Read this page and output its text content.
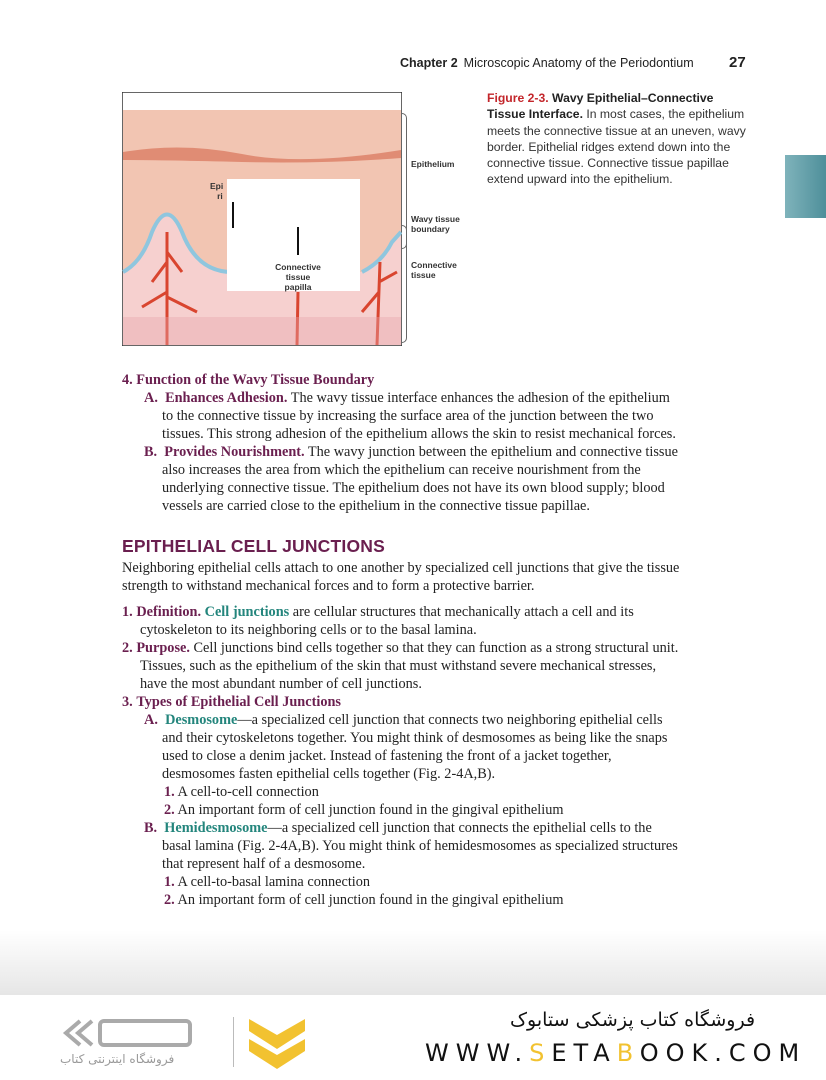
Chapter 2 Microscopic Anatomy of the Periodontium 27
Epi
ri
Connective
tissue
papilla
Epithelium
Wavy tissue
boundary
Connective
tissue
Figure 2-3. Wavy Epithelial–Connective Tissue Interface. In most cases, the epithelium meets the connective tissue at an uneven, wavy border. Epithelial ridges extend down into the connective tissue. Connective tissue papillae extend upward into the epithelium.
4. Function of the Wavy Tissue Boundary
A. Enhances Adhesion. The wavy tissue interface enhances the adhesion of the epithelium to the connective tissue by increasing the surface area of the junction between the two tissues. This strong adhesion of the epithelium allows the skin to resist mechanical forces.
B. Provides Nourishment. The wavy junction between the epithelium and connective tissue also increases the area from which the epithelium can receive nourishment from the underlying connective tissue. The epithelium does not have its own blood supply; blood vessels are carried close to the epithelium in the connective tissue papillae.
EPITHELIAL CELL JUNCTIONS
Neighboring epithelial cells attach to one another by specialized cell junctions that give the tissue strength to withstand mechanical forces and to form a protective barrier.
1. Definition. Cell junctions are cellular structures that mechanically attach a cell and its cytoskeleton to its neighboring cells or to the basal lamina.
2. Purpose. Cell junctions bind cells together so that they can function as a strong structural unit. Tissues, such as the epithelium of the skin that must withstand severe mechanical stresses, have the most abundant number of cell junctions.
3. Types of Epithelial Cell Junctions
A. Desmosome—a specialized cell junction that connects two neighboring epithelial cells and their cytoskeletons together. You might think of desmosomes as being like the snaps used to close a denim jacket. Instead of fastening the front of a jacket together, desmosomes fasten epithelial cells together (Fig. 2-4A,B).
1. A cell-to-cell connection
2. An important form of cell junction found in the gingival epithelium
B. Hemidesmosome—a specialized cell junction that connects the epithelial cells to the basal lamina (Fig. 2-4A,B). You might think of hemidesmosomes as specialized structures that represent half of a desmosome.
1. A cell-to-basal lamina connection
2. An important form of cell junction found in the gingival epithelium
فروشگاه اینترنتی کتاب
فروشگاه کتاب پزشکی ستابوک
WWW.SETABOOK.COM
